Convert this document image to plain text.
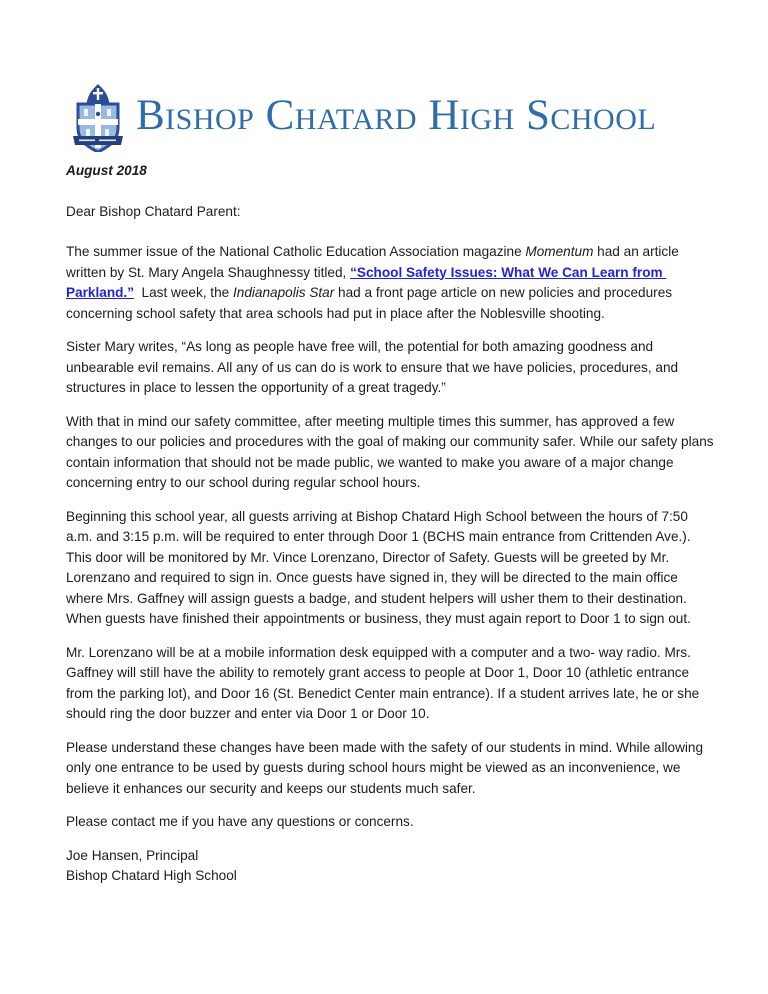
Bishop Chatard High School

August 2018

Dear Bishop Chatard Parent:

The summer issue of the National Catholic Education Association magazine Momentum had an article written by St. Mary Angela Shaughnessy titled, “School Safety Issues: What We Can Learn from Parkland.”  Last week, the Indianapolis Star had a front page article on new policies and procedures concerning school safety that area schools had put in place after the Noblesville shooting.

Sister Mary writes, “As long as people have free will, the potential for both amazing goodness and unbearable evil remains. All any of us can do is work to ensure that we have policies, procedures, and structures in place to lessen the opportunity of a great tragedy.”

With that in mind our safety committee, after meeting multiple times this summer, has approved a few changes to our policies and procedures with the goal of making our community safer. While our safety plans contain information that should not be made public, we wanted to make you aware of a major change concerning entry to our school during regular school hours.

Beginning this school year, all guests arriving at Bishop Chatard High School between the hours of 7:50 a.m. and 3:15 p.m. will be required to enter through Door 1 (BCHS main entrance from Crittenden Ave.). This door will be monitored by Mr. Vince Lorenzano, Director of Safety. Guests will be greeted by Mr. Lorenzano and required to sign in. Once guests have signed in, they will be directed to the main office where Mrs. Gaffney will assign guests a badge, and student helpers will usher them to their destination. When guests have finished their appointments or business, they must again report to Door 1 to sign out.

Mr. Lorenzano will be at a mobile information desk equipped with a computer and a two- way radio. Mrs. Gaffney will still have the ability to remotely grant access to people at Door 1, Door 10 (athletic entrance from the parking lot), and Door 16 (St. Benedict Center main entrance). If a student arrives late, he or she should ring the door buzzer and enter via Door 1 or Door 10.

Please understand these changes have been made with the safety of our students in mind. While allowing only one entrance to be used by guests during school hours might be viewed as an inconvenience, we believe it enhances our security and keeps our students much safer.

Please contact me if you have any questions or concerns.

Joe Hansen, Principal
Bishop Chatard High School
